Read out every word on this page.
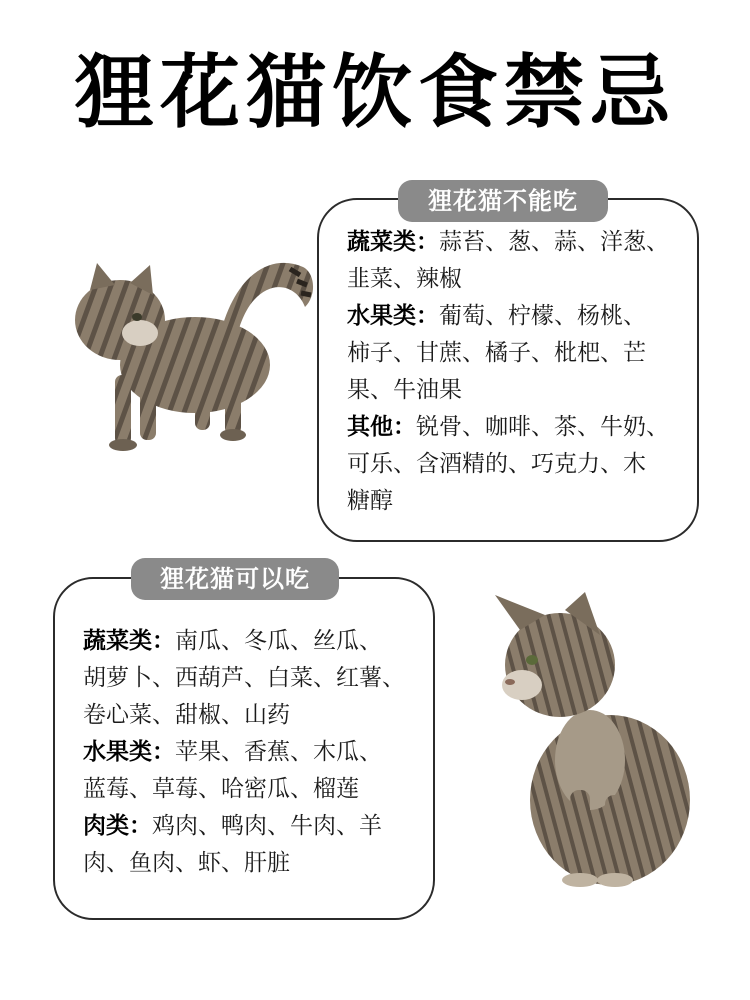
狸花猫饮食禁忌
蔬菜类：蒜苔、葱、蒜、洋葱、
韭菜、辣椒
水果类：葡萄、柠檬、杨桃、
柿子、甘蔗、橘子、枇杷、芒
果、牛油果
其他：锐骨、咖啡、茶、牛奶、
可乐、含酒精的、巧克力、木
糖醇
狸花猫不能吃
蔬菜类：南瓜、冬瓜、丝瓜、
胡萝卜、西葫芦、白菜、红薯、
卷心菜、甜椒、山药
水果类：苹果、香蕉、木瓜、
蓝莓、草莓、哈密瓜、榴莲
肉类：鸡肉、鸭肉、牛肉、羊
肉、鱼肉、虾、肝脏
狸花猫可以吃
